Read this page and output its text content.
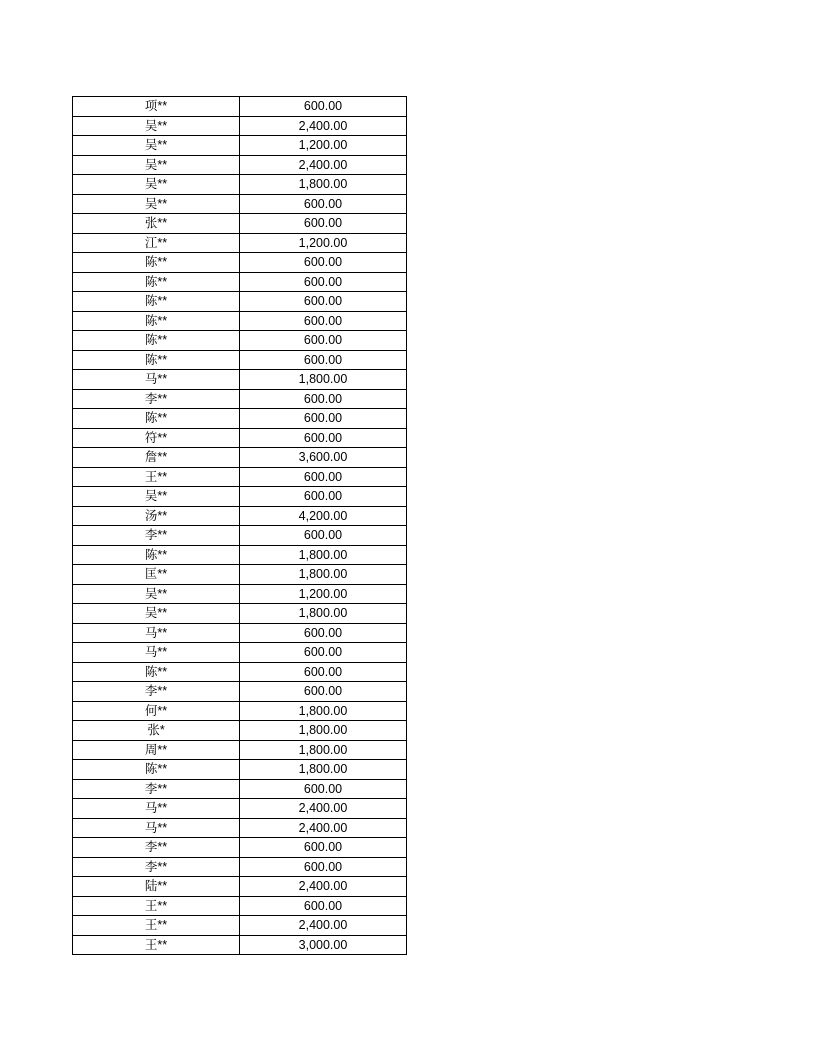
项**	600.00
吴**	2,400.00
吴**	1,200.00
吴**	2,400.00
吴**	1,800.00
吴**	600.00
张**	600.00
江**	1,200.00
陈**	600.00
陈**	600.00
陈**	600.00
陈**	600.00
陈**	600.00
陈**	600.00
马**	1,800.00
李**	600.00
陈**	600.00
符**	600.00
詹**	3,600.00
王**	600.00
吴**	600.00
汤**	4,200.00
李**	600.00
陈**	1,800.00
匡**	1,800.00
吴**	1,200.00
吴**	1,800.00
马**	600.00
马**	600.00
陈**	600.00
李**	600.00
何**	1,800.00
张*	1,800.00
周**	1,800.00
陈**	1,800.00
李**	600.00
马**	2,400.00
马**	2,400.00
李**	600.00
李**	600.00
陆**	2,400.00
王**	600.00
王**	2,400.00
王**	3,000.00
